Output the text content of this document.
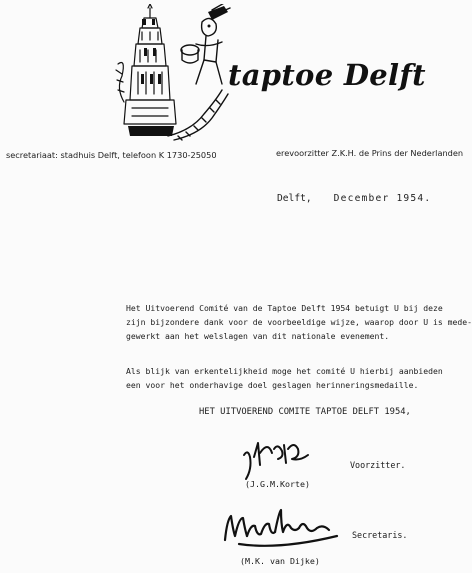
taptoe Delft
secretariaat: stadhuis Delft, telefoon K 1730-25050	erevoorzitter Z.K.H. de Prins der Nederlanden
Delft, December 1954.
Het Uitvoerend Comité van de Taptoe Delft 1954 betuigt U bij deze
zijn bijzondere dank voor de voorbeeldige wijze, waarop door U is mede-
gewerkt aan het welslagen van dit nationale evenement.
Als blijk van erkentelijkheid moge het comité U hierbij aanbieden
een voor het onderhavige doel geslagen herinneringsmedaille.
HET UITVOEREND COMITE TAPTOE DELFT 1954,
(J.G.M.Korte)
Voorzitter.
(M.K. van Dijke)
Secretaris.
